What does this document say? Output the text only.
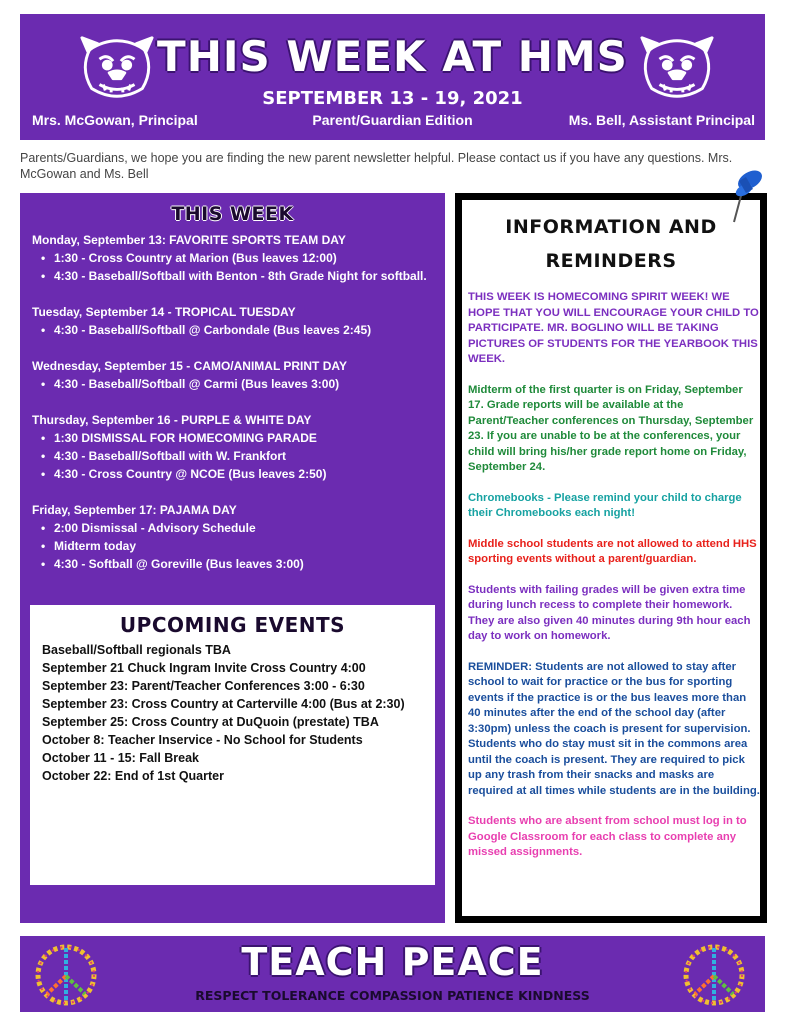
THIS WEEK AT HMS
SEPTEMBER 13 - 19, 2021
Mrs. McGowan, Principal	Parent/Guardian Edition	Ms. Bell, Assistant Principal

Parents/Guardians, we hope you are finding the new parent newsletter helpful. Please contact us if you have any questions. Mrs. McGowan and Ms. Bell

THIS WEEK
Monday, September 13: FAVORITE SPORTS TEAM DAY
• 1:30 - Cross Country at Marion (Bus leaves 12:00)
• 4:30 - Baseball/Softball with Benton - 8th Grade Night for softball.
Tuesday, September 14 - TROPICAL TUESDAY
• 4:30 - Baseball/Softball @ Carbondale (Bus leaves 2:45)
Wednesday, September 15 - CAMO/ANIMAL PRINT DAY
• 4:30 - Baseball/Softball @ Carmi (Bus leaves 3:00)
Thursday, September 16 - PURPLE & WHITE DAY
• 1:30 DISMISSAL FOR HOMECOMING PARADE
• 4:30 - Baseball/Softball with W. Frankfort
• 4:30 - Cross Country @ NCOE (Bus leaves 2:50)
Friday, September 17: PAJAMA DAY
• 2:00 Dismissal - Advisory Schedule
• Midterm today
• 4:30 - Softball @ Goreville (Bus leaves 3:00)
UPCOMING EVENTS
Baseball/Softball regionals TBA
September 21 Chuck Ingram Invite Cross Country 4:00
September 23: Parent/Teacher Conferences 3:00 - 6:30
September 23: Cross Country at Carterville 4:00 (Bus at 2:30)
September 25: Cross Country at DuQuoin (prestate) TBA
October 8: Teacher Inservice - No School for Students
October 11 - 15: Fall Break
October 22: End of 1st Quarter
INFORMATION AND
REMINDERS

THIS WEEK IS HOMECOMING SPIRIT WEEK! WE HOPE THAT YOU WILL ENCOURAGE YOUR CHILD TO PARTICIPATE. MR. BOGLINO WILL BE TAKING PICTURES OF STUDENTS FOR THE YEARBOOK THIS WEEK.

Midterm of the first quarter is on Friday, September 17. Grade reports will be available at the Parent/Teacher conferences on Thursday, September 23. If you are unable to be at the conferences, your child will bring his/her grade report home on Friday, September 24.

Chromebooks - Please remind your child to charge their Chromebooks each night!

Middle school students are not allowed to attend HHS sporting events without a parent/guardian.

Students with failing grades will be given extra time during lunch recess to complete their homework. They are also given 40 minutes during 9th hour each day to work on homework.

REMINDER: Students are not allowed to stay after school to wait for practice or the bus for sporting events if the practice is or the bus leaves more than 40 minutes after the end of the school day (after 3:30pm) unless the coach is present for supervision. Students who do stay must sit in the commons area until the coach is present. They are required to pick up any trash from their snacks and masks are required at all times while students are in the building.

Students who are absent from school must log in to Google Classroom for each class to complete any missed assignments.

TEACH PEACE
RESPECT TOLERANCE COMPASSION PATIENCE KINDNESS
